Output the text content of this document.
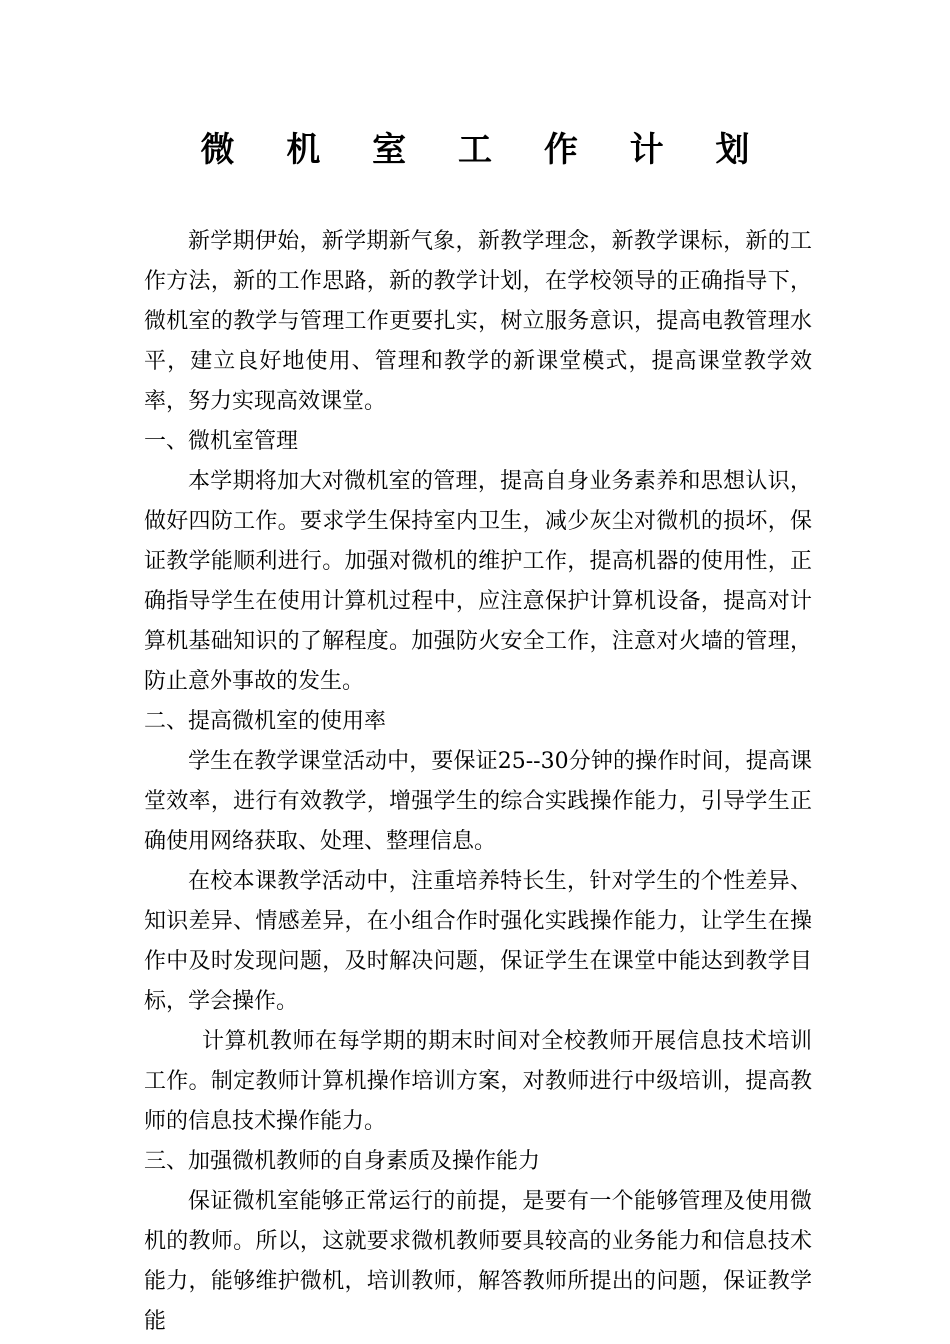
微 机 室 工 作 计 划

新学期伊始，新学期新气象，新教学理念，新教学课标，新的工作方法，新的工作思路，新的教学计划，在学校领导的正确指导下，微机室的教学与管理工作更要扎实，树立服务意识，提高电教管理水平，建立良好地使用、管理和教学的新课堂模式，提高课堂教学效率，努力实现高效课堂。

一、微机室管理

本学期将加大对微机室的管理，提高自身业务素养和思想认识，做好四防工作。要求学生保持室内卫生，减少灰尘对微机的损坏，保证教学能顺利进行。加强对微机的维护工作，提高机器的使用性，正确指导学生在使用计算机过程中，应注意保护计算机设备，提高对计算机基础知识的了解程度。加强防火安全工作，注意对火墙的管理，防止意外事故的发生。

二、提高微机室的使用率

学生在教学课堂活动中，要保证25--30分钟的操作时间，提高课堂效率，进行有效教学，增强学生的综合实践操作能力，引导学生正确使用网络获取、处理、整理信息。

在校本课教学活动中，注重培养特长生，针对学生的个性差异、知识差异、情感差异，在小组合作时强化实践操作能力，让学生在操作中及时发现问题，及时解决问题，保证学生在课堂中能达到教学目标，学会操作。

计算机教师在每学期的期末时间对全校教师开展信息技术培训工作。制定教师计算机操作培训方案，对教师进行中级培训，提高教师的信息技术操作能力。

三、加强微机教师的自身素质及操作能力

保证微机室能够正常运行的前提，是要有一个能够管理及使用微机的教师。所以，这就要求微机教师要具较高的业务能力和信息技术能力，能够维护微机，培训教师，解答教师所提出的问题，保证教学能
